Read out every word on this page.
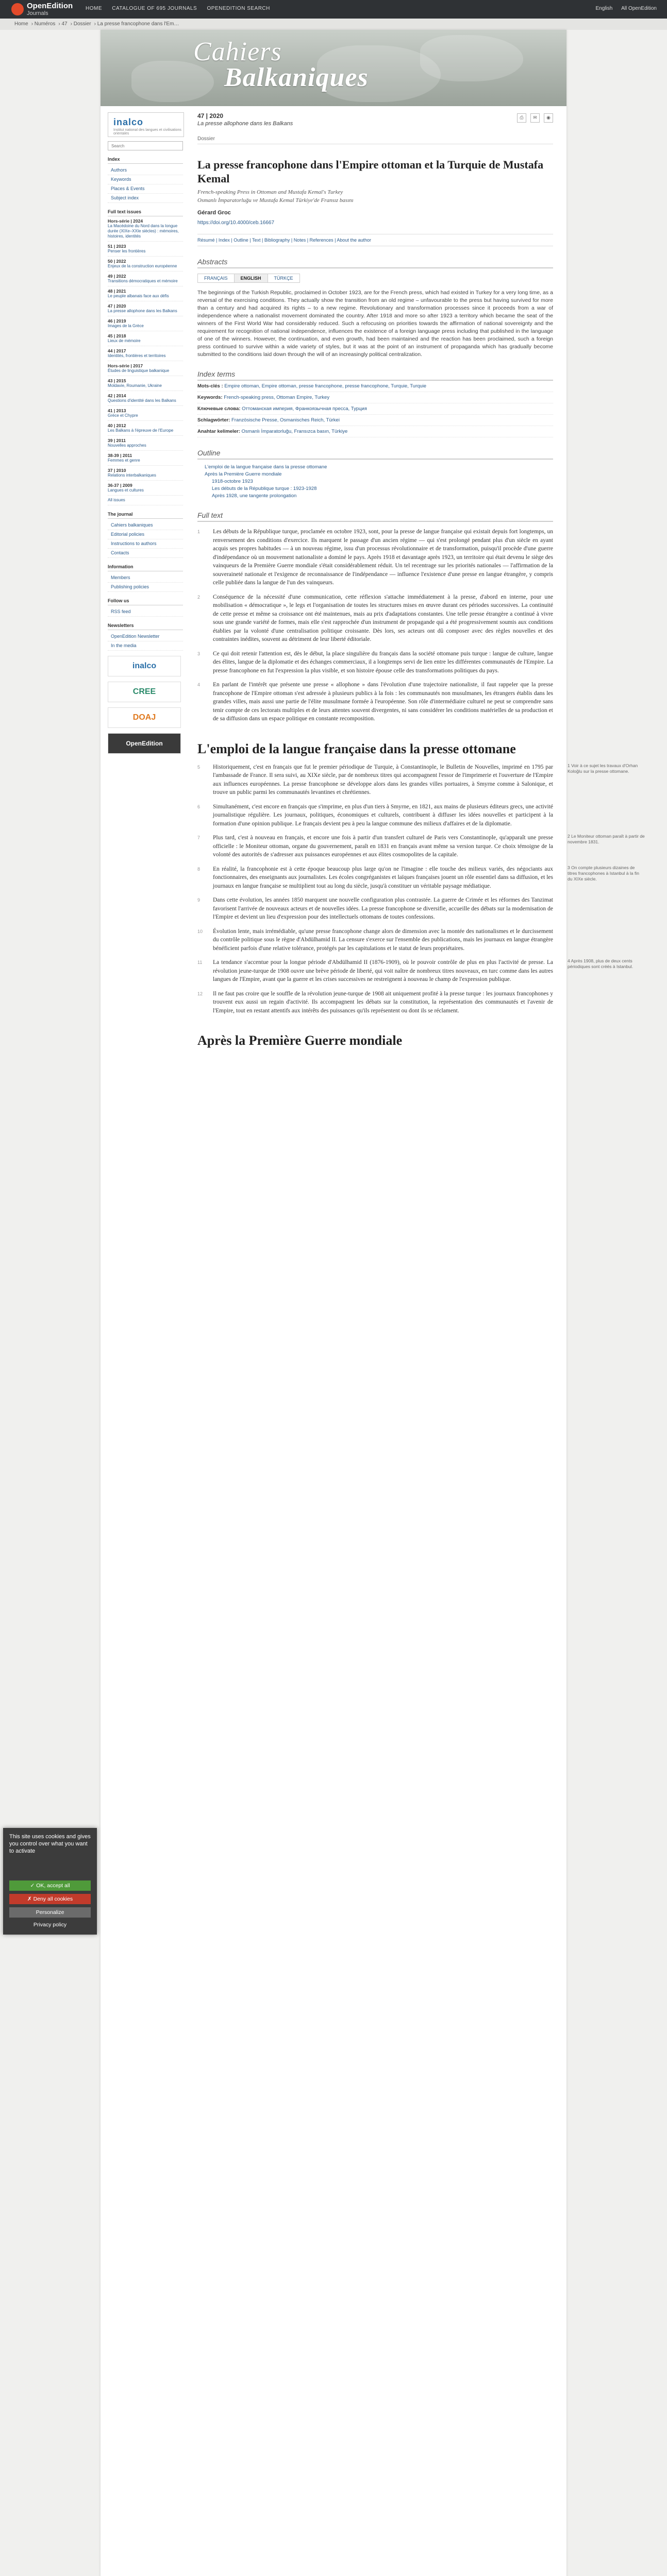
OpenEdition
Journals
HOME CATALOGUE OF 695 JOURNALS OPENEDITION SEARCH	English All OpenEdition
Home › Numéros › 47 › Dossier › La presse francophone dans l'Em…
Cahiers
Balkaniques
inalco
Institut national des langues et civilisations orientales
Search
Index
Authors
Keywords
Places & Events
Subject index
Full text issues
Hors-série | 2024
La Macédoine du Nord dans la longue durée (XIXe–XXIe siècles) : mémoires, histoires, identités
51 | 2023
Penser les frontières
50 | 2022
Enjeux de la construction européenne
49 | 2022
Transitions démocratiques et mémoire
48 | 2021
Le peuple albanais face aux défis
47 | 2020
La presse allophone dans les Balkans
46 | 2019
Images de la Grèce
45 | 2018
Lieux de mémoire
44 | 2017
Identités, frontières et territoires
Hors-série | 2017
Études de linguistique balkanique
43 | 2015
Moldavie, Roumanie, Ukraine
42 | 2014
Questions d'identité dans les Balkans
41 | 2013
Grèce et Chypre
40 | 2012
Les Balkans à l'épreuve de l'Europe
39 | 2011
Nouvelles approches
38-39 | 2011
Femmes et genre
37 | 2010
Relations interbalkaniques
36-37 | 2009
Langues et cultures
All issues
The journal
Cahiers balkaniques
Editorial policies
Instructions to authors
Contacts
Information
Members
Publishing policies
Follow us
RSS feed
Newsletters
OpenEdition Newsletter
In the media
inalco
CREE
DOAJ
OpenEdition
⎙ ✉ ◉
47 | 2020
La presse allophone dans les Balkans
Dossier
La presse francophone dans l'Empire ottoman et la Turquie de Mustafa Kemal
French-speaking Press in Ottoman and Mustafa Kemal's Turkey
Osmanlı İmparatorluğu ve Mustafa Kemal Türkiye'de Fransız basını
Gérard Groc
https://doi.org/10.4000/ceb.16667
Résumé | Index | Outline | Text | Bibliography | Notes | References | About the author
Abstracts
FRANÇAIS	ENGLISH	TÜRKÇE
The beginnings of the Turkish Republic, proclaimed in October 1923, are for the French press, which had existed in Turkey for a very long time, as a reversal of the exercising conditions. They actually show the transition from an old regime – unfavourable to the press but having survived for more than a century and had acquired its rights – to a new regime. Revolutionary and transformation processes since it proceeds from a war of independence where a nationalist movement dominated the country. After 1918 and more so after 1923 a territory which became the seat of the winners of the First World War had considerably reduced. Such a refocusing on priorities towards the affirmation of national sovereignty and the requirement for recognition of national independence, influences the existence of a foreign language press including that published in the language of one of the winners. However, the continuation, and even growth, had been maintained and the reaction has been proclaimed, such a foreign press continued to survive within a wide variety of styles, but it was at the point of an instrument of propaganda which has gradually become submitted to the conditions laid down through the will of an increasingly political centralization.
Index terms
Mots-clés : Empire ottoman, Empire ottoman, presse francophone, presse francophone, Turquie, Turquie
Keywords: French-speaking press, Ottoman Empire, Turkey
Ключевые слова: Оттоманская империя, Франкоязычная пресса, Турция
Schlagwörter: Französische Presse, Osmanisches Reich, Türkei
Anahtar kelimeler: Osmanlı İmparatorluğu, Fransızca basın, Türkiye
Outline
L'emploi de la langue française dans la presse ottomane
Après la Première Guerre mondiale
1918-octobre 1923
Les débuts de la République turque : 1923-1928
Après 1928, une tangente prolongation
Full text
1 Les débuts de la République turque, proclamée en octobre 1923, sont, pour la presse de langue française qui existait depuis fort longtemps, un renversement des conditions d'exercice. Ils marquent le passage d'un ancien régime — qui s'est prolongé pendant plus d'un siècle en ayant acquis ses propres habitudes — à un nouveau régime, issu d'un processus révolutionnaire et de transformation, puisqu'il procède d'une guerre d'indépendance où un mouvement nationaliste a dominé le pays. Après 1918 et davantage après 1923, un territoire qui était devenu le siège des vainqueurs de la Première Guerre mondiale s'était considérablement réduit. Un tel recentrage sur les priorités nationales — l'affirmation de la souveraineté nationale et l'exigence de reconnaissance de l'indépendance — influence l'existence d'une presse en langue étrangère, y compris celle publiée dans la langue de l'un des vainqueurs.
2 Conséquence de la nécessité d'une communication, cette réflexion s'attache immédiatement à la presse, d'abord en interne, pour une mobilisation « démocratique », le legs et l'organisation de toutes les structures mises en œuvre durant ces périodes successives. La continuité de cette presse et même sa croissance ont été maintenues, mais au prix d'adaptations constantes. Une telle presse étrangère a continué à vivre sous une grande variété de formes, mais elle s'est rapprochée d'un instrument de propagande qui a été progressivement soumis aux conditions établies par la volonté d'une centralisation politique croissante. Dès lors, ses acteurs ont dû composer avec des règles nouvelles et des contraintes inédites, souvent au détriment de leur liberté éditoriale.
3 Ce qui doit retenir l'attention est, dès le début, la place singulière du français dans la société ottomane puis turque : langue de culture, langue des élites, langue de la diplomatie et des échanges commerciaux, il a longtemps servi de lien entre les différentes communautés de l'Empire. La presse francophone en fut l'expression la plus visible, et son histoire épouse celle des transformations politiques du pays.
4 En parlant de l'intérêt que présente une presse « allophone » dans l'évolution d'une trajectoire nationaliste, il faut rappeler que la presse francophone de l'Empire ottoman s'est adressée à plusieurs publics à la fois : les communautés non musulmanes, les étrangers établis dans les grandes villes, mais aussi une partie de l'élite musulmane formée à l'européenne. Son rôle d'intermédiaire culturel ne peut se comprendre sans tenir compte de ces lectorats multiples et de leurs attentes souvent divergentes, ni sans considérer les conditions matérielles de sa production et de sa diffusion dans un espace politique en constante recomposition.
L'emploi de la langue française dans la presse ottomane
5 Historiquement, c'est en français que fut le premier périodique de Turquie, à Constantinople, le Bulletin de Nouvelles, imprimé en 1795 par l'ambassade de France. Il sera suivi, au XIXe siècle, par de nombreux titres qui accompagnent l'essor de l'imprimerie et l'ouverture de l'Empire aux influences européennes. La presse francophone se développe alors dans les grandes villes portuaires, à Smyrne comme à Salonique, et trouve un public parmi les communautés levantines et chrétiennes.
1 Voir à ce sujet les travaux d'Orhan Koloğlu sur la presse ottomane.
6 Simultanément, c'est encore en français que s'imprime, en plus d'un tiers à Smyrne, en 1821, aux mains de plusieurs éditeurs grecs, une activité journalistique régulière. Les journaux, politiques, économiques et culturels, contribuent à diffuser les idées nouvelles et participent à la formation d'une opinion publique. Le français devient peu à peu la langue commune des milieux d'affaires et de la diplomatie.
7 Plus tard, c'est à nouveau en français, et encore une fois à partir d'un transfert culturel de Paris vers Constantinople, qu'apparaît une presse officielle : le Moniteur ottoman, organe du gouvernement, paraît en 1831 en français avant même sa version turque. Ce choix témoigne de la volonté des autorités de s'adresser aux puissances européennes et aux élites cosmopolites de la capitale.
2 Le Moniteur ottoman paraît à partir de novembre 1831.
8 En réalité, la francophonie est à cette époque beaucoup plus large qu'on ne l'imagine : elle touche des milieux variés, des négociants aux fonctionnaires, des enseignants aux journalistes. Les écoles congréganistes et laïques françaises jouent un rôle essentiel dans sa diffusion, et les journaux en langue française se multiplient tout au long du siècle, jusqu'à constituer un véritable paysage médiatique.
3 On compte plusieurs dizaines de titres francophones à Istanbul à la fin du XIXe siècle.
9 Dans cette évolution, les années 1850 marquent une nouvelle configuration plus contrastée. La guerre de Crimée et les réformes des Tanzimat favorisent l'arrivée de nouveaux acteurs et de nouvelles idées. La presse francophone se diversifie, accueille des débats sur la modernisation de l'Empire et devient un lieu d'expression pour des intellectuels ottomans de toutes confessions.
10 Évolution lente, mais irrémédiable, qu'une presse francophone change alors de dimension avec la montée des nationalismes et le durcissement du contrôle politique sous le règne d'Abdülhamid II. La censure s'exerce sur l'ensemble des publications, mais les journaux en langue étrangère bénéficient parfois d'une relative tolérance, protégés par les capitulations et le statut de leurs propriétaires.
11 La tendance s'accentue pour la longue période d'Abdülhamid II (1876-1909), où le pouvoir contrôle de plus en plus l'activité de presse. La révolution jeune-turque de 1908 ouvre une brève période de liberté, qui voit naître de nombreux titres nouveaux, en turc comme dans les autres langues de l'Empire, avant que la guerre et les crises successives ne restreignent à nouveau le champ de l'expression publique.
4 Après 1908, plus de deux cents périodiques sont créés à Istanbul.
12 Il ne faut pas croire que le souffle de la révolution jeune-turque de 1908 ait uniquement profité à la presse turque : les journaux francophones y trouvent eux aussi un regain d'activité. Ils accompagnent les débats sur la constitution, la représentation des communautés et l'avenir de l'Empire, tout en restant attentifs aux intérêts des puissances qu'ils représentent ou dont ils se réclament.
Après la Première Guerre mondiale
This site uses cookies and gives you control over what you want to activate
✓ OK, accept all
✗ Deny all cookies
Personalize
Privacy policy
